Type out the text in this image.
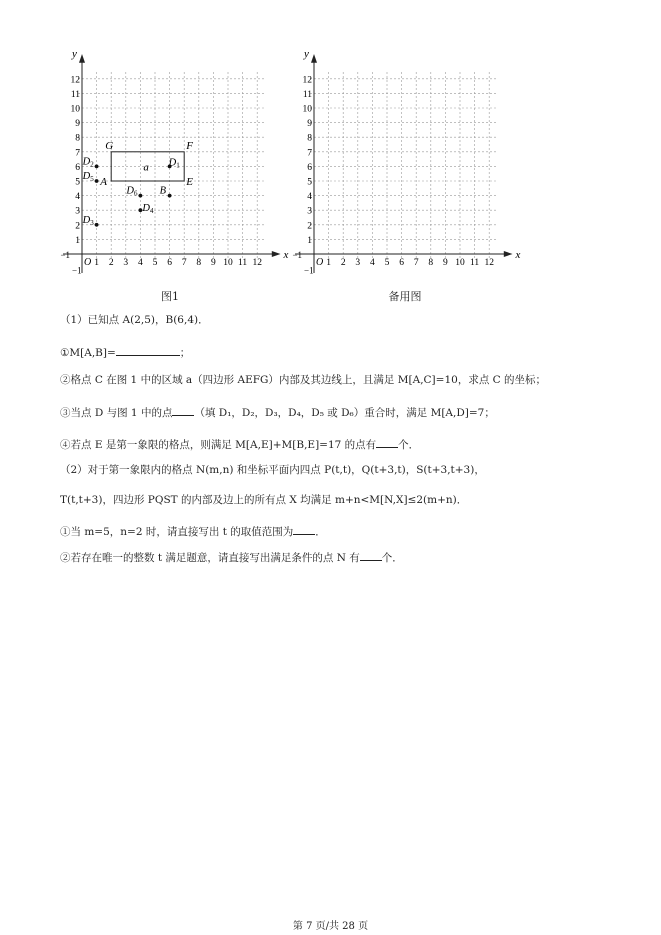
x
y
O
−1
−1
1 2 3 4 5 6 7 8 9 10 11 12
1
2
3
4
5
6
7
8
9
10
11
12
G	F
E
A
a D1
D2
D3
D4
D5
D6 B
图1
x
y
O
−1
−1
1 2 3 4 5 6 7 8 9 10 11 12
1
2
3
4
5
6
7
8
9
10
11
12
备用图
（1）已知点 A(2,5)，B(6,4)．
①M[A,B]=	；
②格点 C 在图 1 中的区域 a（四边形 AEFG）内部及其边线上，且满足 M[A,C]=10，求点 C 的坐标；
③当点 D 与图 1 中的点 （填 D₁，D₂，D₃，D₄，D₅ 或 D₆）重合时，满足 M[A,D]=7；
④若点 E 是第一象限的格点，则满足 M[A,E]+M[B,E]=17 的点有 个．
（2）对于第一象限内的格点 N(m,n) 和坐标平面内四点 P(t,t)，Q(t+3,t)，S(t+3,t+3)，
T(t,t+3)，四边形 PQST 的内部及边上的所有点 X 均满足 m+n<M[N,X]≤2(m+n)．
①当 m=5，n=2 时，请直接写出 t 的取值范围为 ．
②若存在唯一的整数 t 满足题意，请直接写出满足条件的点 N 有 个．
第 7 页/共 28 页
